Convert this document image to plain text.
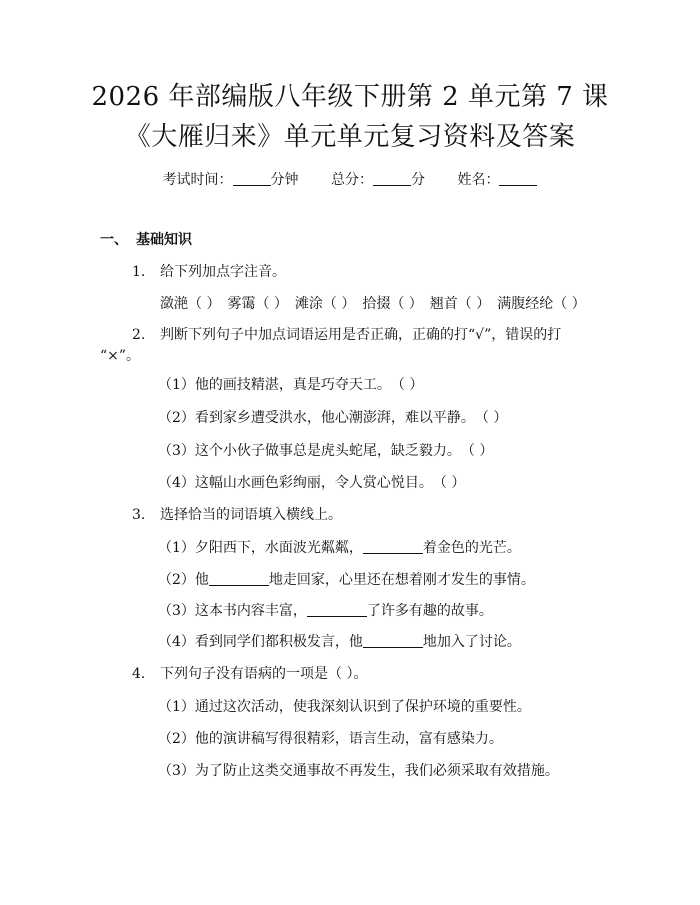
2026 年部编版八年级下册第 2 单元第 7 课
《大雁归来》单元单元复习资料及答案
考试时间：	分钟 总分：	分 姓名：
一、 基础知识
1. 给下列加点字注音。
潋滟（ ）　雾霭（ ）　滩涂（ ）　拾掇（ ）　翘首（ ）　满腹经纶（ ）
2. 判断下列句子中加点词语运用是否正确，正确的打“√”，错误的打
“×”。
（1）他的画技精湛，真是巧夺天工。　（ ）
（2）看到家乡遭受洪水，他心潮澎湃，难以平静。　（ ）
（3）这个小伙子做事总是虎头蛇尾，缺乏毅力。　（ ）
（4）这幅山水画色彩绚丽，令人赏心悦目。　（ ）
3. 选择恰当的词语填入横线上。
（1）夕阳西下，水面波光粼粼，	着金色的光芒。
（2）他	地走回家，心里还在想着刚才发生的事情。
（3）这本书内容丰富，	了许多有趣的故事。
（4）看到同学们都积极发言，他	地加入了讨论。
4. 下列句子没有语病的一项是（ ）。
（1）通过这次活动，使我深刻认识到了保护环境的重要性。
（2）他的演讲稿写得很精彩，语言生动，富有感染力。
（3）为了防止这类交通事故不再发生，我们必须采取有效措施。
